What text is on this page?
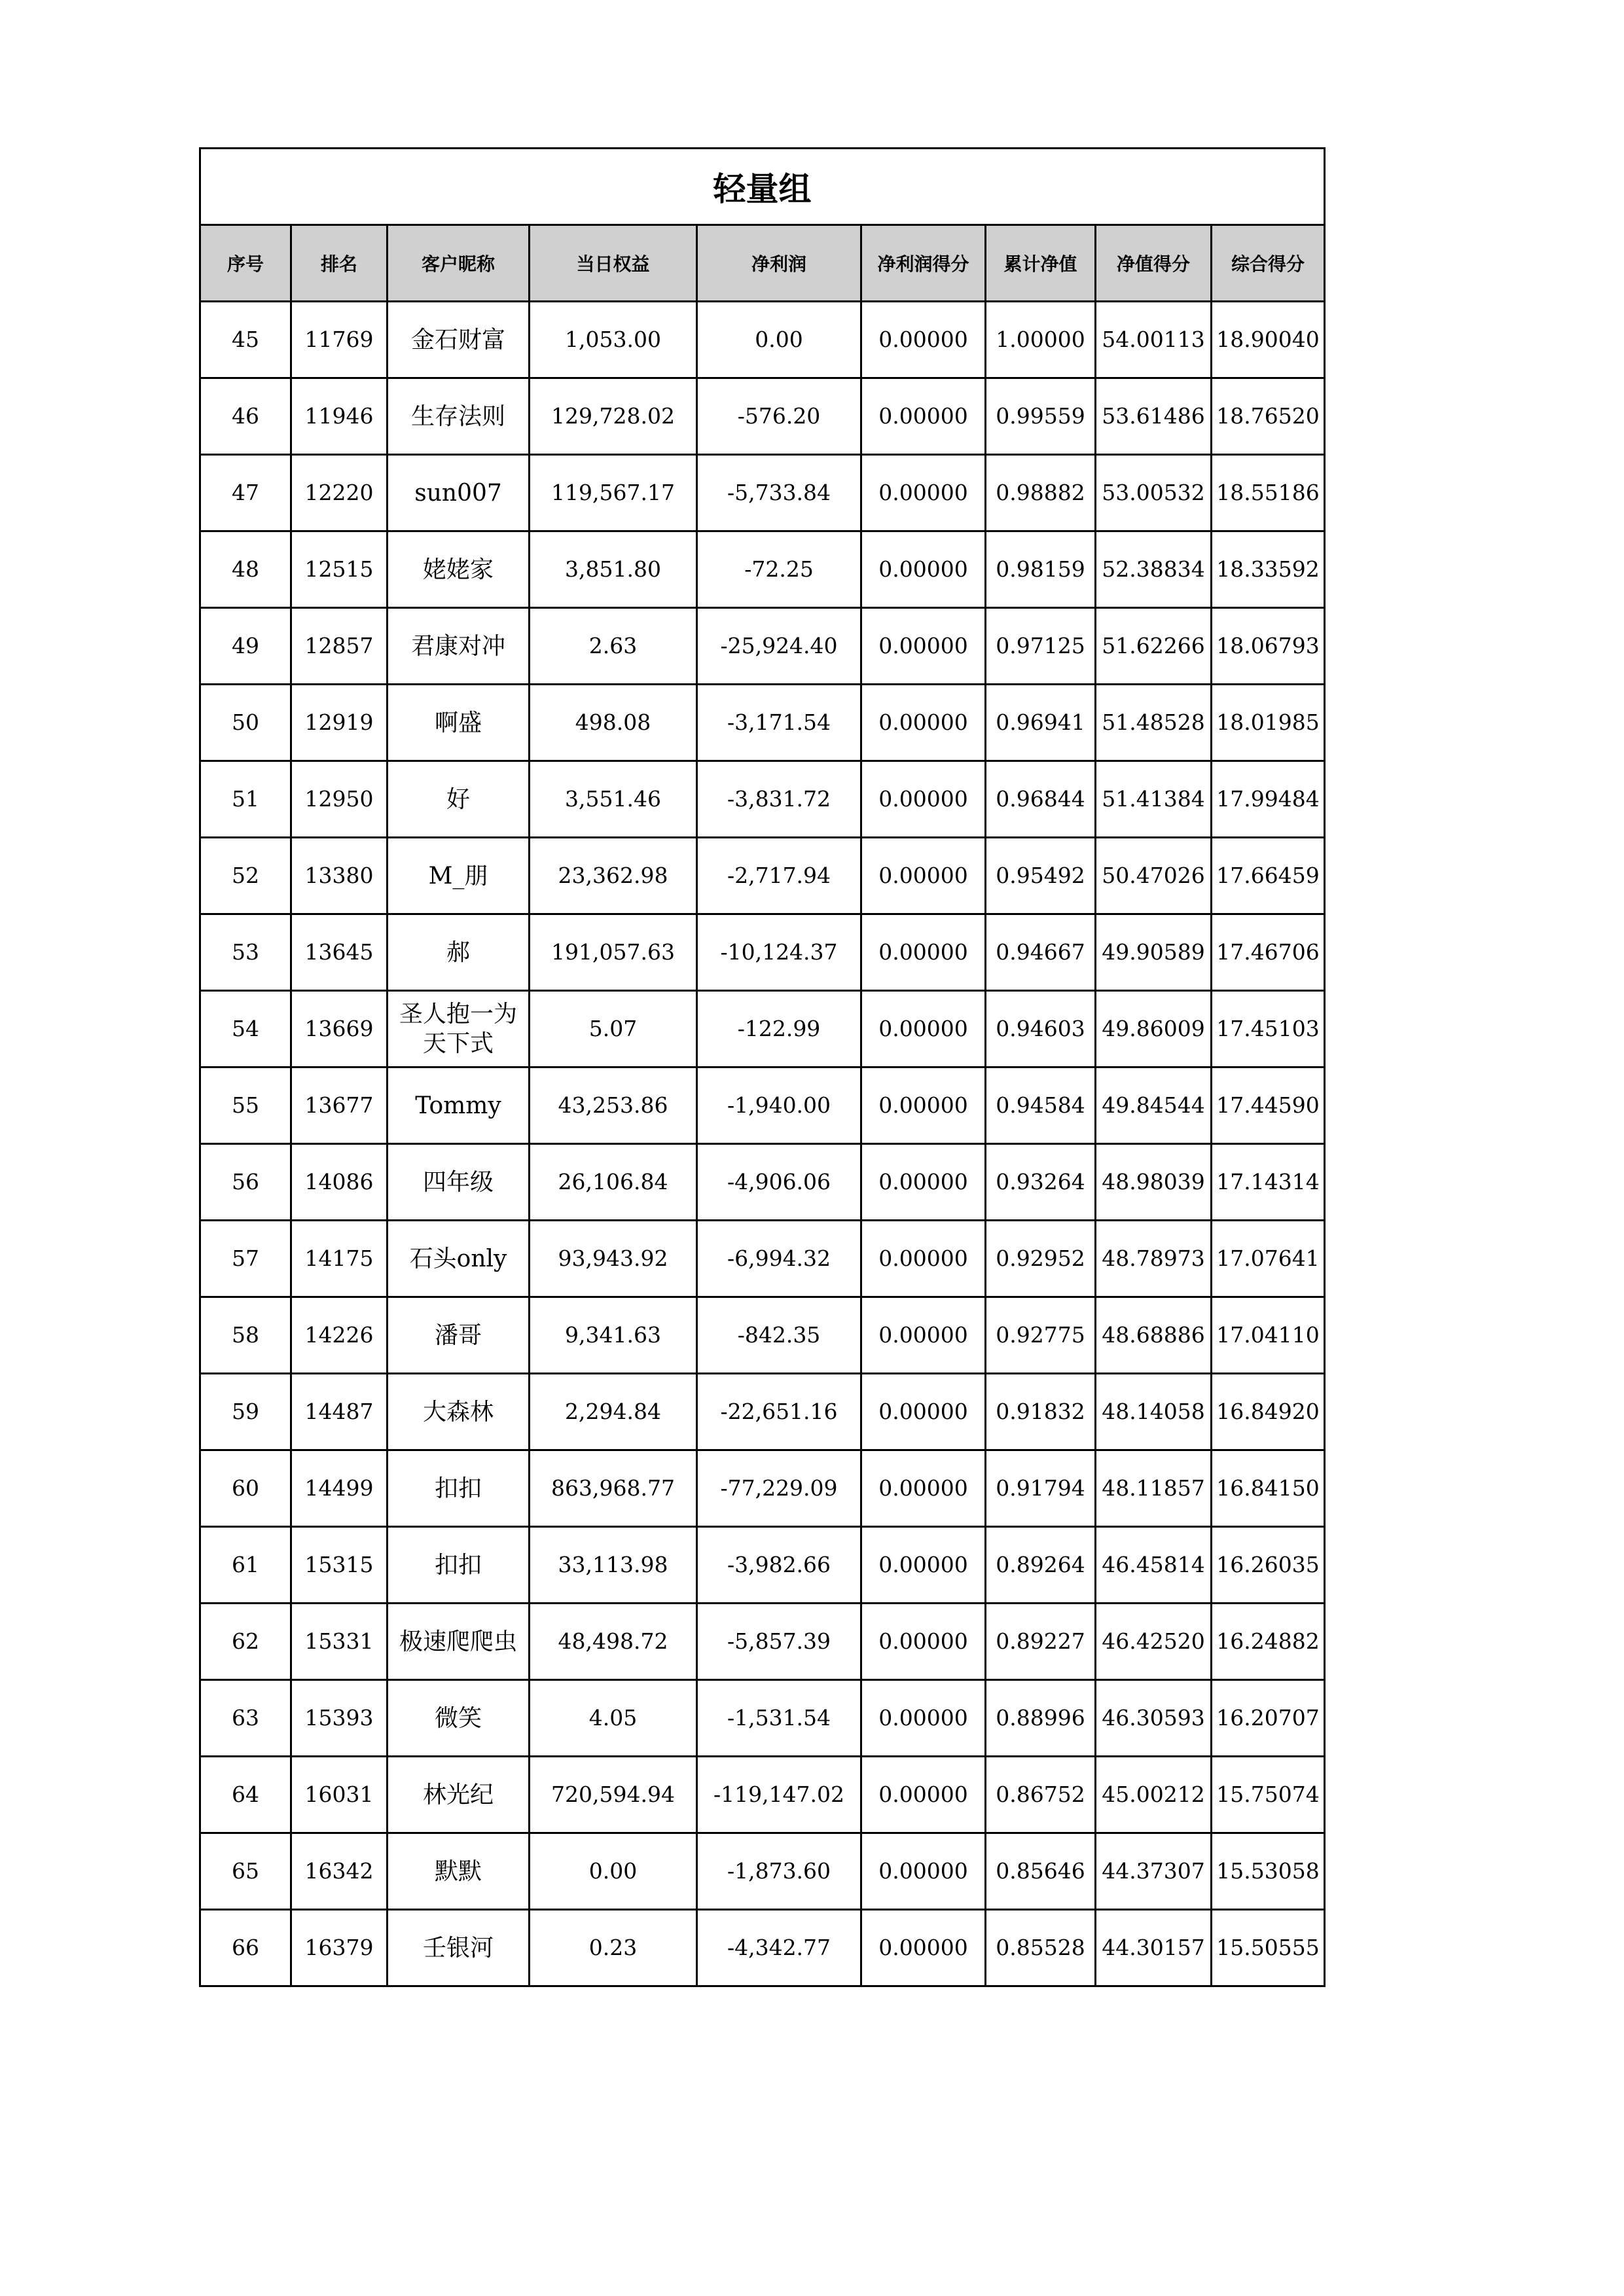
轻量组								
序号	排名	客户昵称	当日权益	净利润	净利润得分	累计净值	净值得分	综合得分
45	11769	金石财富	1,053.00	0.00	0.00000	1.00000	54.00113	18.90040
46	11946	生存法则	129,728.02	-576.20	0.00000	0.99559	53.61486	18.76520
47	12220	sun007	119,567.17	-5,733.84	0.00000	0.98882	53.00532	18.55186
48	12515	姥姥家	3,851.80	-72.25	0.00000	0.98159	52.38834	18.33592
49	12857	君康对冲	2.63	-25,924.40	0.00000	0.97125	51.62266	18.06793
50	12919	啊盛	498.08	-3,171.54	0.00000	0.96941	51.48528	18.01985
51	12950	好	3,551.46	-3,831.72	0.00000	0.96844	51.41384	17.99484
52	13380	M_朋	23,362.98	-2,717.94	0.00000	0.95492	50.47026	17.66459
53	13645	郝	191,057.63	-10,124.37	0.00000	0.94667	49.90589	17.46706
54	13669	圣人抱一为天下式	5.07	-122.99	0.00000	0.94603	49.86009	17.45103
55	13677	Tommy	43,253.86	-1,940.00	0.00000	0.94584	49.84544	17.44590
56	14086	四年级	26,106.84	-4,906.06	0.00000	0.93264	48.98039	17.14314
57	14175	石头only	93,943.92	-6,994.32	0.00000	0.92952	48.78973	17.07641
58	14226	潘哥	9,341.63	-842.35	0.00000	0.92775	48.68886	17.04110
59	14487	大森林	2,294.84	-22,651.16	0.00000	0.91832	48.14058	16.84920
60	14499	扣扣	863,968.77	-77,229.09	0.00000	0.91794	48.11857	16.84150
61	15315	扣扣	33,113.98	-3,982.66	0.00000	0.89264	46.45814	16.26035
62	15331	极速爬爬虫	48,498.72	-5,857.39	0.00000	0.89227	46.42520	16.24882
63	15393	微笑	4.05	-1,531.54	0.00000	0.88996	46.30593	16.20707
64	16031	林光纪	720,594.94	-119,147.02	0.00000	0.86752	45.00212	15.75074
65	16342	默默	0.00	-1,873.60	0.00000	0.85646	44.37307	15.53058
66	16379	壬银河	0.23	-4,342.77	0.00000	0.85528	44.30157	15.50555
